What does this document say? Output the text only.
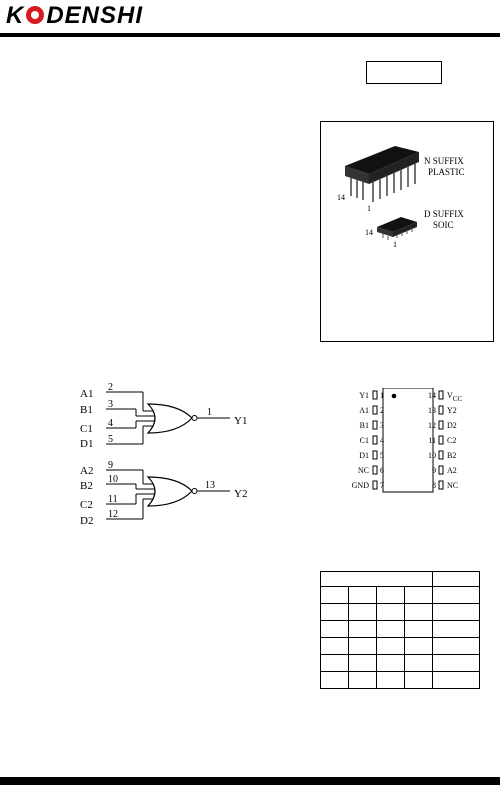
K DENSHI
14
1
N SUFFIX
PLASTIC
14
1
D SUFFIX
SOIC
A1
B1
C1
D1
2
3
4
5
1
Y1
A2
B2
C2
D2
9
10
11
12
13
Y2
Y1
A1
B1
C1
D1
NC
GND
1
2
3
4
5
6
7
14
13
12
11
10
9
8
VCC
Y2
D2
C2
B2
A2
NC
